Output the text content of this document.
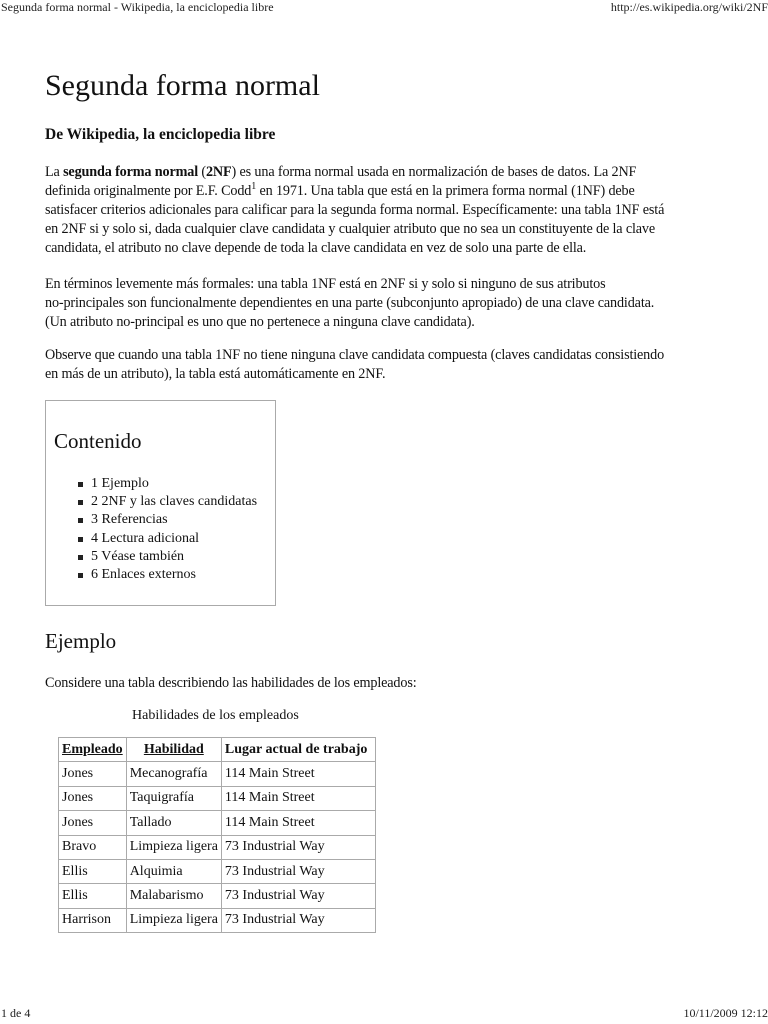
Segunda forma normal - Wikipedia, la enciclopedia libre	http://es.wikipedia.org/wiki/2NF
Segunda forma normal
De Wikipedia, la enciclopedia libre

La segunda forma normal (2NF) es una forma normal usada en normalización de bases de datos. La 2NF
definida originalmente por E.F. Codd$^1$ en 1971. Una tabla que está en la primera forma normal (1NF) debe
satisfacer criterios adicionales para calificar para la segunda forma normal. Específicamente: una tabla 1NF está
en 2NF si y solo si, dada cualquier clave candidata y cualquier atributo que no sea un constituyente de la clave
candidata, el atributo no clave depende de toda la clave candidata en vez de solo una parte de ella.

En términos levemente más formales: una tabla 1NF está en 2NF si y solo si ninguno de sus atributos
no-principales son funcionalmente dependientes en una parte (subconjunto apropiado) de una clave candidata.
(Un atributo no-principal es uno que no pertenece a ninguna clave candidata).

Observe que cuando una tabla 1NF no tiene ninguna clave candidata compuesta (claves candidatas consistiendo
en más de un atributo), la tabla está automáticamente en 2NF.

Contenido
1 Ejemplo
2 2NF y las claves candidatas
3 Referencias
4 Lectura adicional
5 Véase también
6 Enlaces externos
Ejemplo

Considere una tabla describiendo las habilidades de los empleados:

Habilidades de los empleados
Empleado	Habilidad	Lugar actual de trabajo
Jones	Mecanografía	114 Main Street
Jones	Taquigrafía	114 Main Street
Jones	Tallado	114 Main Street
Bravo	Limpieza ligera	73 Industrial Way
Ellis	Alquimia	73 Industrial Way
Ellis	Malabarismo	73 Industrial Way
Harrison	Limpieza ligera	73 Industrial Way
1 de 4	10/11/2009 12:12
